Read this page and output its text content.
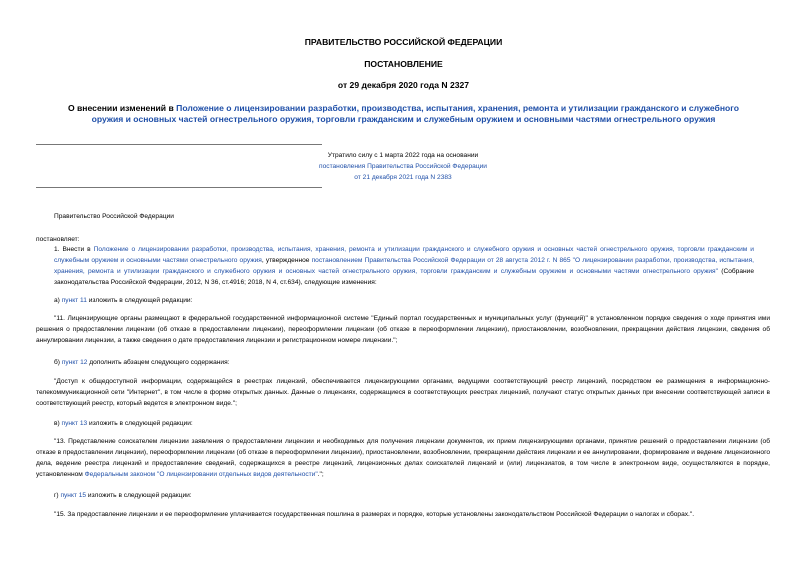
ПРАВИТЕЛЬСТВО РОССИЙСКОЙ ФЕДЕРАЦИИ
ПОСТАНОВЛЕНИЕ
от 29 декабря 2020 года N 2327
О внесении изменений в Положение о лицензировании разработки, производства, испытания, хранения, ремонта и утилизации гражданского и служебного оружия и основных частей огнестрельного оружия, торговли гражданским и служебным оружием и основными частями огнестрельного оружия
Утратило силу с 1 марта 2022 года на основании
постановления Правительства Российской Федерации
от 21 декабря 2021 года N 2383
Правительство Российской Федерации
постановляет:
1. Внести в Положение о лицензировании разработки, производства, испытания, хранения, ремонта и утилизации гражданского и служебного оружия и основных частей огнестрельного оружия, торговли гражданским и служебным оружием и основными частями огнестрельного оружия, утвержденное постановлением Правительства Российской Федерации от 28 августа 2012 г. N 865 "О лицензировании разработки, производства, испытания, хранения, ремонта и утилизации гражданского и служебного оружия и основных частей огнестрельного оружия, торговли гражданским и служебным оружием и основными частями огнестрельного оружия" (Собрание законодательства Российской Федерации, 2012, N 36, ст.4916; 2018, N 4, ст.634), следующие изменения:
а) пункт 11 изложить в следующей редакции:
"11. Лицензирующие органы размещают в федеральной государственной информационной системе "Единый портал государственных и муниципальных услуг (функций)" в установленном порядке сведения о ходе принятия ими решения о предоставлении лицензии (об отказе в предоставлении лицензии), переоформлении лицензии (об отказе в переоформлении лицензии), приостановлении, возобновлении, прекращении действия лицензии, сведения об аннулировании лицензии, а также сведения о дате предоставления лицензии и регистрационном номере лицензии.";
б) пункт 12 дополнить абзацем следующего содержания:
"Доступ к общедоступной информации, содержащейся в реестрах лицензий, обеспечивается лицензирующими органами, ведущими соответствующий реестр лицензий, посредством ее размещения в информационно-телекоммуникационной сети "Интернет", в том числе в форме открытых данных. Данные о лицензиях, содержащиеся в соответствующих реестрах лицензий, получают статус открытых данных при внесении соответствующей записи в соответствующий реестр, который ведется в электронном виде.";
в) пункт 13 изложить в следующей редакции:
"13. Представление соискателем лицензии заявления о предоставлении лицензии и необходимых для получения лицензии документов, их прием лицензирующими органами, принятие решений о предоставлении лицензии (об отказе в предоставлении лицензии), переоформлении лицензии (об отказе в переоформлении лицензии), приостановлении, возобновлении, прекращении действия лицензии и ее аннулировании, формирование и ведение лицензионного дела, ведение реестра лицензий и предоставление сведений, содержащихся в реестре лицензий, лицензионных делах соискателей лицензий и (или) лицензиатов, в том числе в электронном виде, осуществляются в порядке, установленном Федеральным законом "О лицензировании отдельных видов деятельности".";
г) пункт 15 изложить в следующей редакции:
"15. За предоставление лицензии и ее переоформление уплачивается государственная пошлина в размерах и порядке, которые установлены законодательством Российской Федерации о налогах и сборах.".
